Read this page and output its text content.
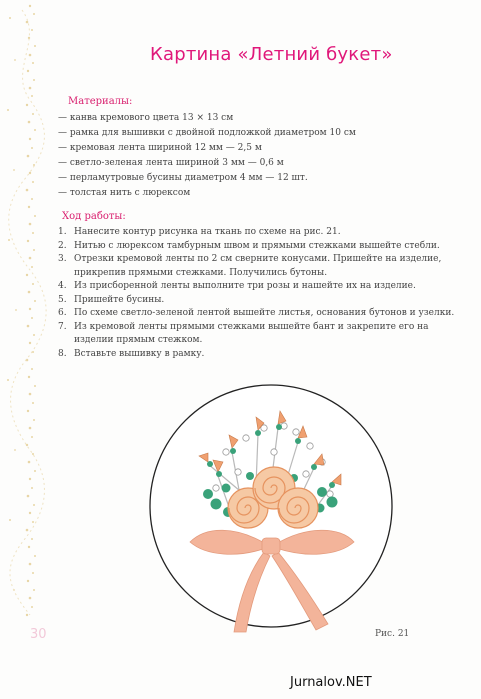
Картина «Летний букет»
Материалы:
— канва кремового цвета 13 × 13 см
— рамка для вышивки с двойной подложкой диаметром 10 см
— кремовая лента шириной 12 мм — 2,5 м
— светло-зеленая лента шириной 3 мм — 0,6 м
— перламутровые бусины диаметром 4 мм — 12 шт.
— толстая нить с люрексом
Ход работы:
1. Нанесите контур рисунка на ткань по схеме на рис. 21.
2. Нитью с люрексом тамбурным швом и прямыми стежками вышейте стебли.
3. Отрезки кремовой ленты по 2 см сверните конусами. Пришейте на изделие, прикрепив прямыми стежками. Получились бутоны.
4. Из присборенной ленты выполните три розы и нашейте их на изделие.
5. Пришейте бусины.
6. По схеме светло-зеленой лентой вышейте листья, основания бутонов и узелки.
7. Из кремовой ленты прямыми стежками вышейте бант и закрепите его на изделии прямым стежком.
8. Вставьте вышивку в рамку.
30	Рис. 21
Jurnalov.NET
